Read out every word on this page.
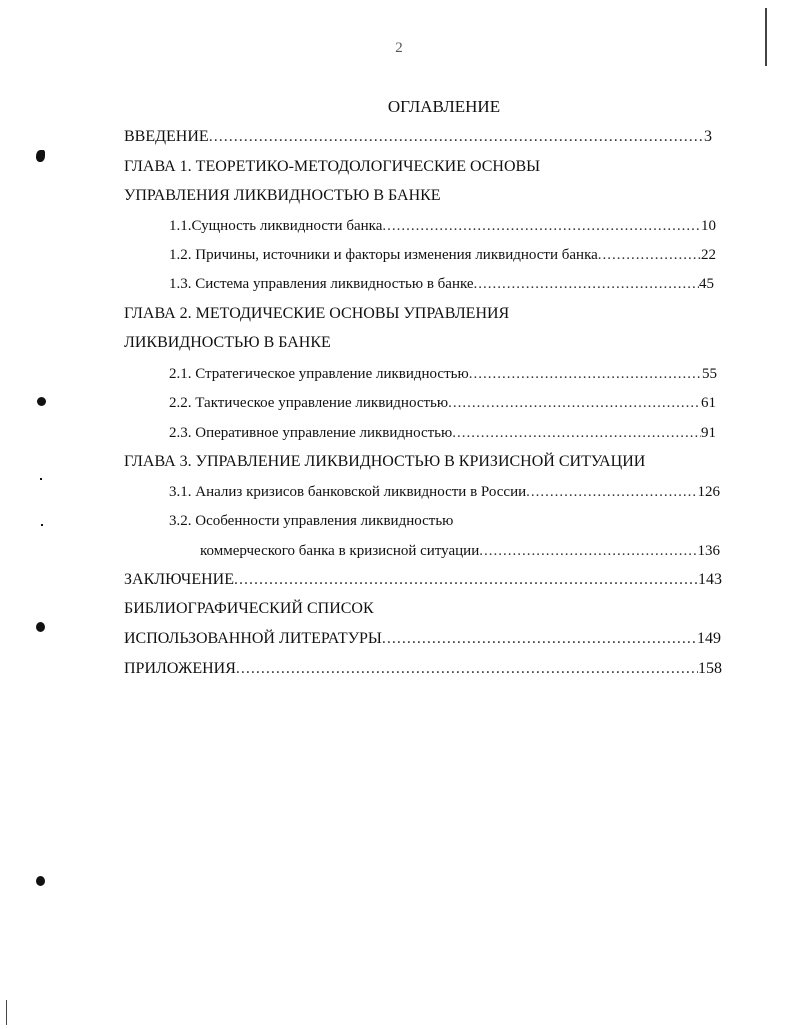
2
ОГЛАВЛЕНИЕ
ВВЕДЕНИЕ .....	3
ГЛАВА 1. ТЕОРЕТИКО-МЕТОДОЛОГИЧЕСКИЕ ОСНОВЫ
УПРАВЛЕНИЯ ЛИКВИДНОСТЬЮ В БАНКЕ
1.1.Сущность ликвидности банка .....	10
1.2. Причины, источники и факторы изменения ликвидности банка .....	22
1.3. Система управления ликвидностью в банке .....	45
ГЛАВА 2. МЕТОДИЧЕСКИЕ ОСНОВЫ УПРАВЛЕНИЯ
ЛИКВИДНОСТЬЮ В БАНКЕ
2.1. Стратегическое управление ликвидностью .....	55
2.2. Тактическое управление ликвидностью .....	61
2.3. Оперативное управление ликвидностью .....	91
ГЛАВА 3. УПРАВЛЕНИЕ ЛИКВИДНОСТЬЮ В КРИЗИСНОЙ СИТУАЦИИ
3.1. Анализ кризисов банковской ликвидности в России .....	126
3.2. Особенности управления ликвидностью
коммерческого банка в кризисной ситуации .....	136
ЗАКЛЮЧЕНИЕ .....	143
БИБЛИОГРАФИЧЕСКИЙ СПИСОК
ИСПОЛЬЗОВАННОЙ ЛИТЕРАТУРЫ .....	149
ПРИЛОЖЕНИЯ .....	158
